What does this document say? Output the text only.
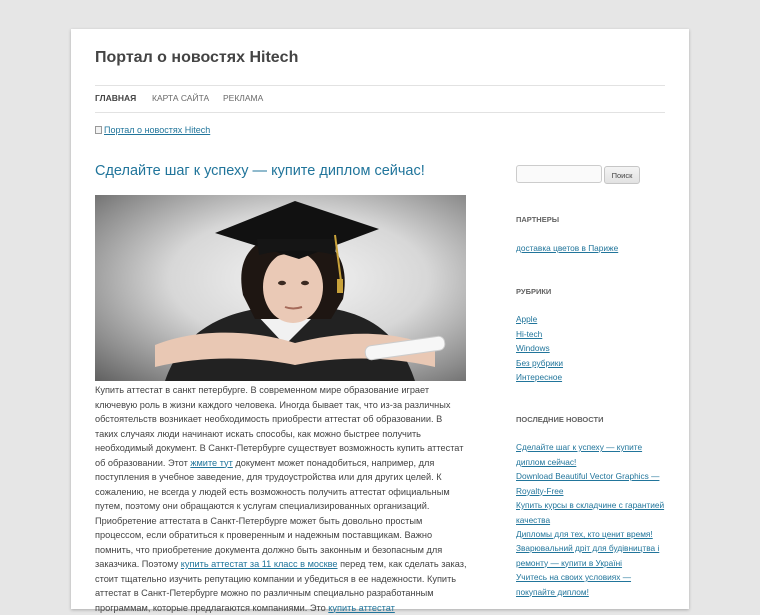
Портал о новостях Hitech
ГЛАВНАЯ КАРТА САЙТА РЕКЛАМА
Портал о новостях Hitech
Сделайте шаг к успеху — купите диплом сейчас!
Купить аттестат в санкт петербурге. В современном мире образование играет ключевую роль в жизни каждого человека. Иногда бывает так, что из-за различных обстоятельств возникает необходимость приобрести аттестат об образовании. В таких случаях люди начинают искать способы, как можно быстрее получить необходимый документ. В Санкт-Петербурге существует возможность купить аттестат об образовании. Этот жмите тут документ может понадобиться, например, для поступления в учебное заведение, для трудоустройства или для других целей. К сожалению, не всегда у людей есть возможность получить аттестат официальным путем, поэтому они обращаются к услугам специализированных организаций. Приобретение аттестата в Санкт-Петербурге может быть довольно простым процессом, если обратиться к проверенным и надежным поставщикам. Важно помнить, что приобретение документа должно быть законным и безопасным для заказчика. Поэтому купить аттестат за 11 класс в москве перед тем, как сделать заказ, стоит тщательно изучить репутацию компании и убедиться в ее надежности. Купить аттестат в Санкт-Петербурге можно по различным специально разработанным программам, которые предлагаются компаниями. Это купить аттестат
Поиск
ПАРТНЕРЫ
доставка цветов в Париже
РУБРИКИ
Apple
Hi-tech
Windows
Без рубрики
Интересное
ПОСЛЕДНИЕ НОВОСТИ
Сделайте шаг к успеху — купите диплом сейчас!
Download Beautiful Vector Graphics — Royalty-Free
Купить курсы в складчине с гарантией качества
Дипломы для тех, кто ценит время!
Зварювальний дріт для будівництва і ремонту — купити в Україні
Учитесь на своих условиях — покупайте диплом!
